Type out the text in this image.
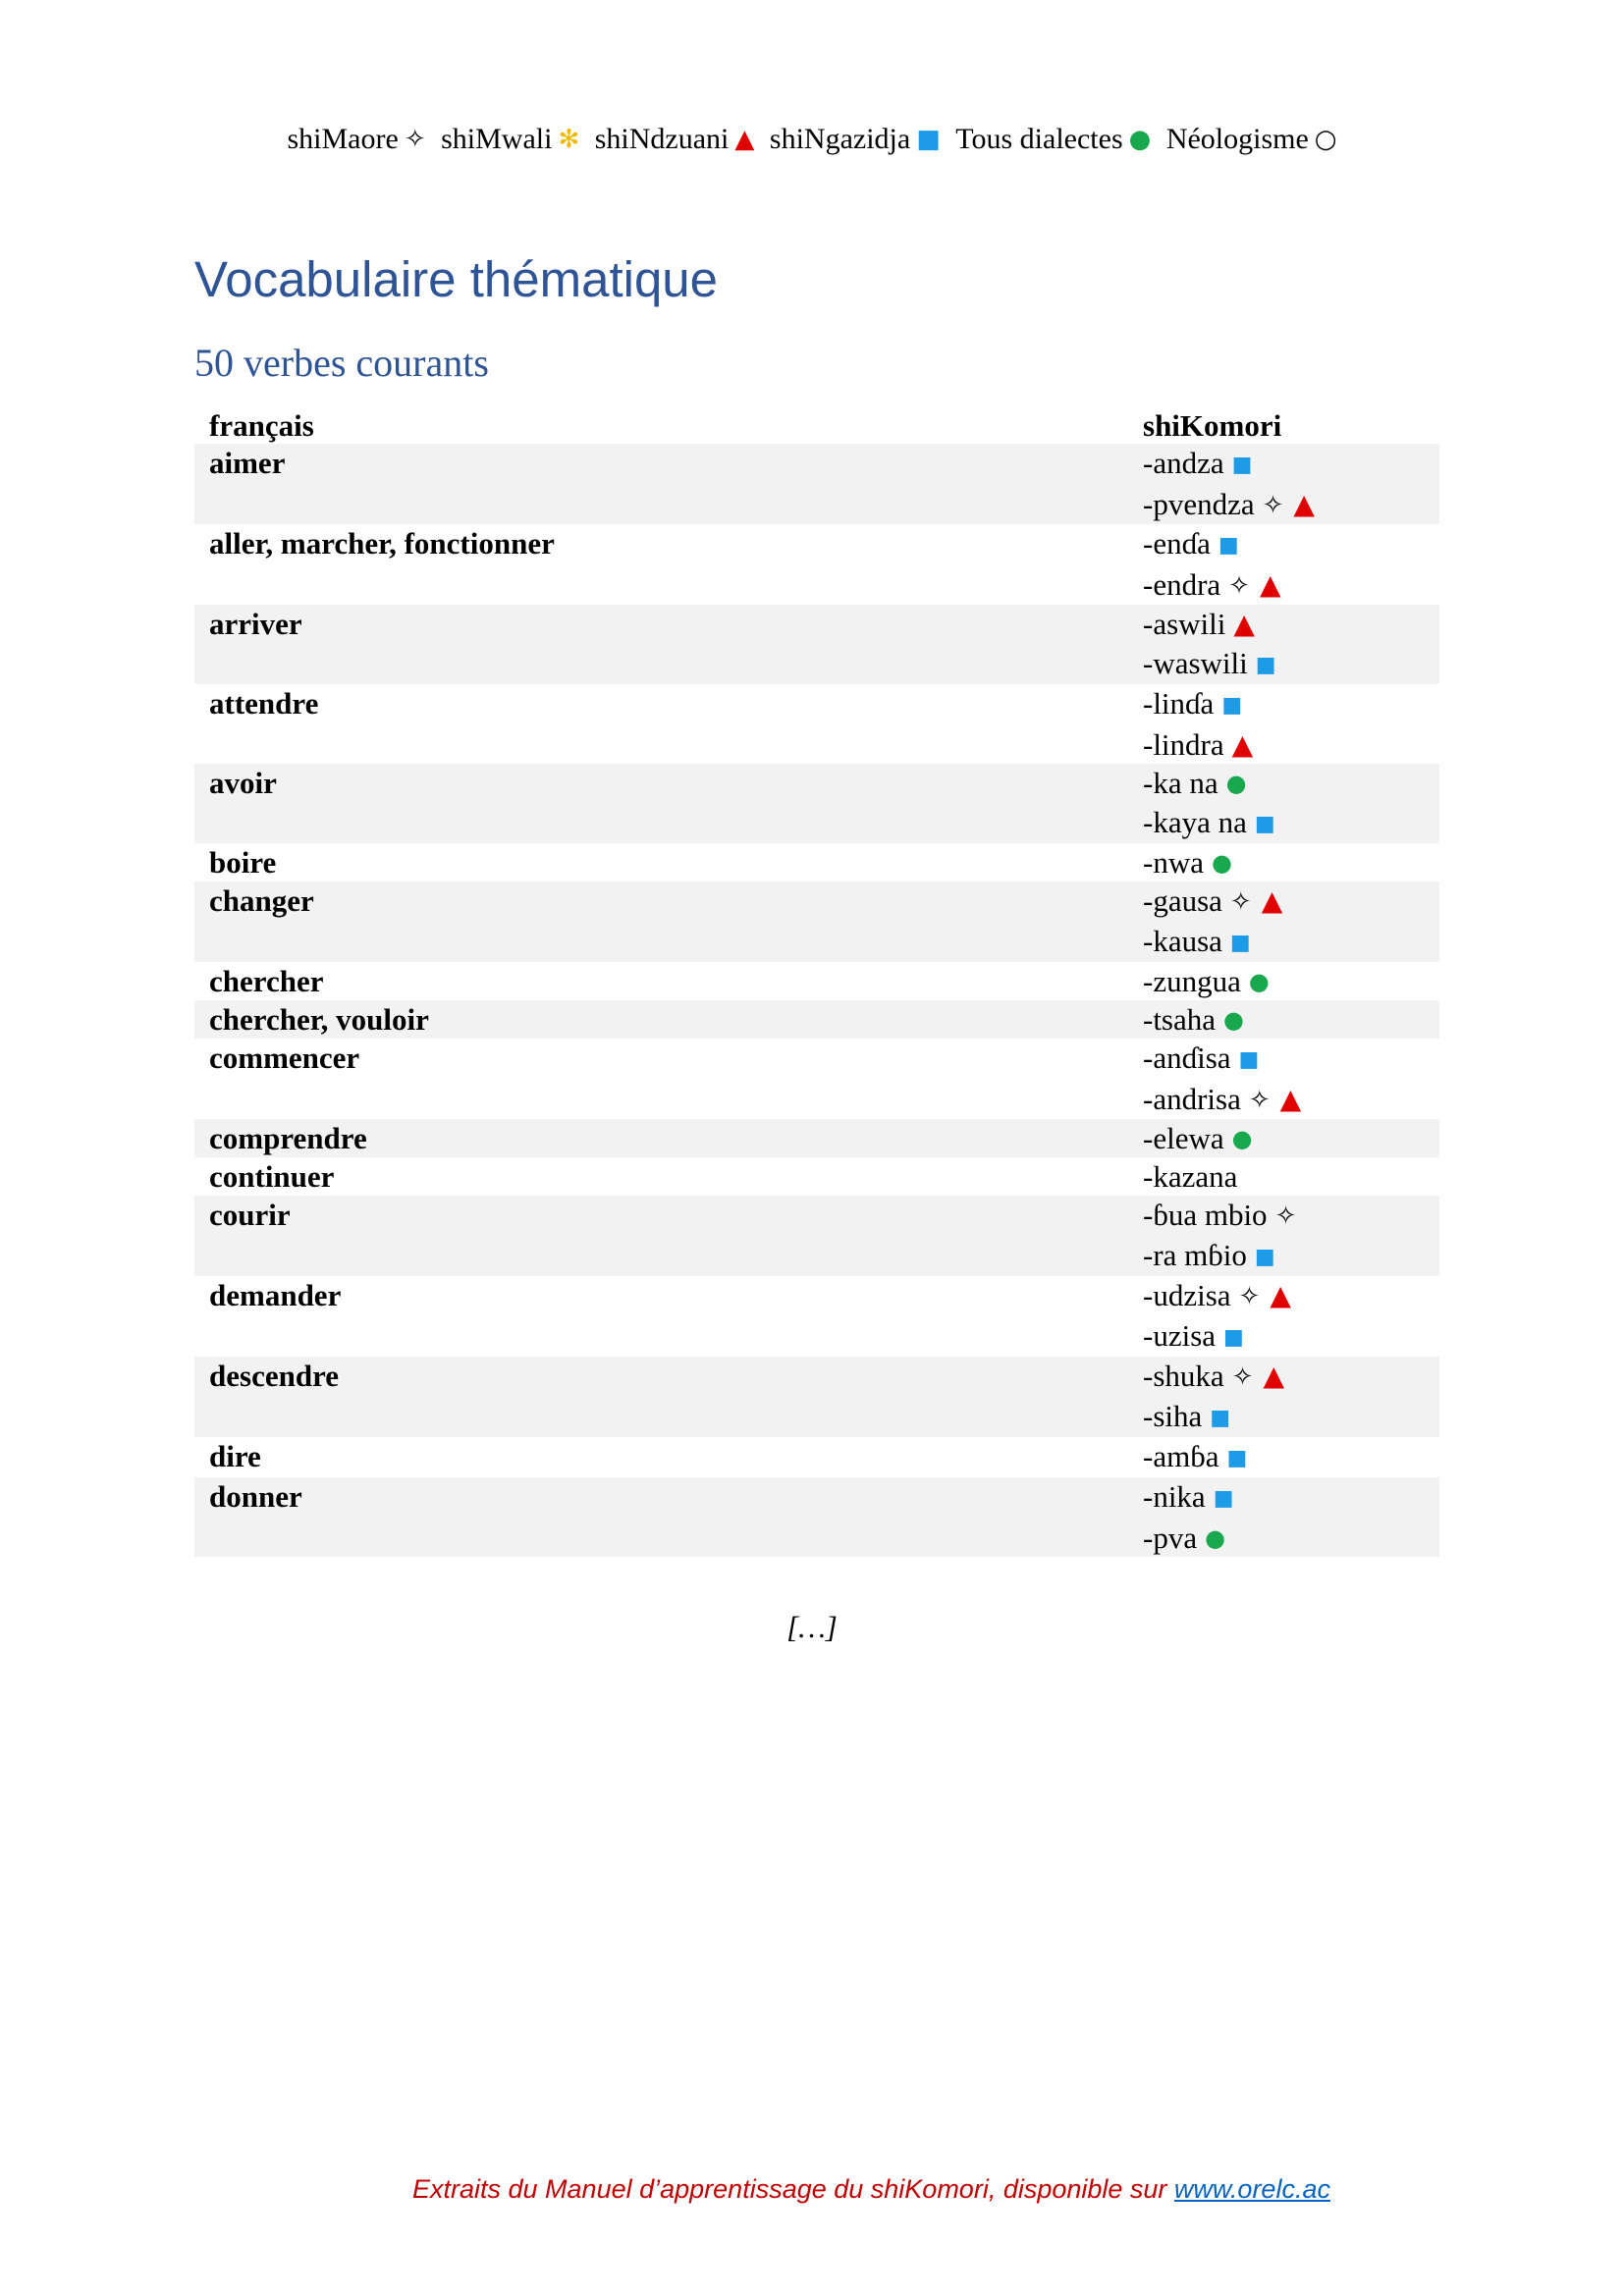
shiMaore ✧ shiMwali ✻ shiNdzuani ▲ shiNgazidja ■ Tous dialectes ● Néologisme ○
Vocabulaire thématique
50 verbes courants
français	shiKomori
aimer	-andza ■
-pvendza ✧ ▲

aller, marcher, fonctionner	-enɗa ■
-endra ✧ ▲

arriver	-aswili ▲
-waswili ■

attendre	-linɗa ■
-lindra ▲

avoir	-ka na ●
-kaya na ■

boire	-nwa ●

changer	-gausa ✧ ▲
-kausa ■

chercher	-zungua ●

chercher, vouloir	-tsaha ●

commencer	-anɗisa ■
-andrisa ✧ ▲

comprendre	-elewa ●

continuer	-kazana

courir	-ɓua mbio ✧
-ra mɓio ■

demander	-udzisa ✧ ▲
-uzisa ■

descendre	-shuka ✧ ▲
-siha ■

dire	-amɓa ■

donner	-nika ■
-pva ●
[…]
Extraits du Manuel d’apprentissage du shiKomori, disponible sur www.orelc.ac
